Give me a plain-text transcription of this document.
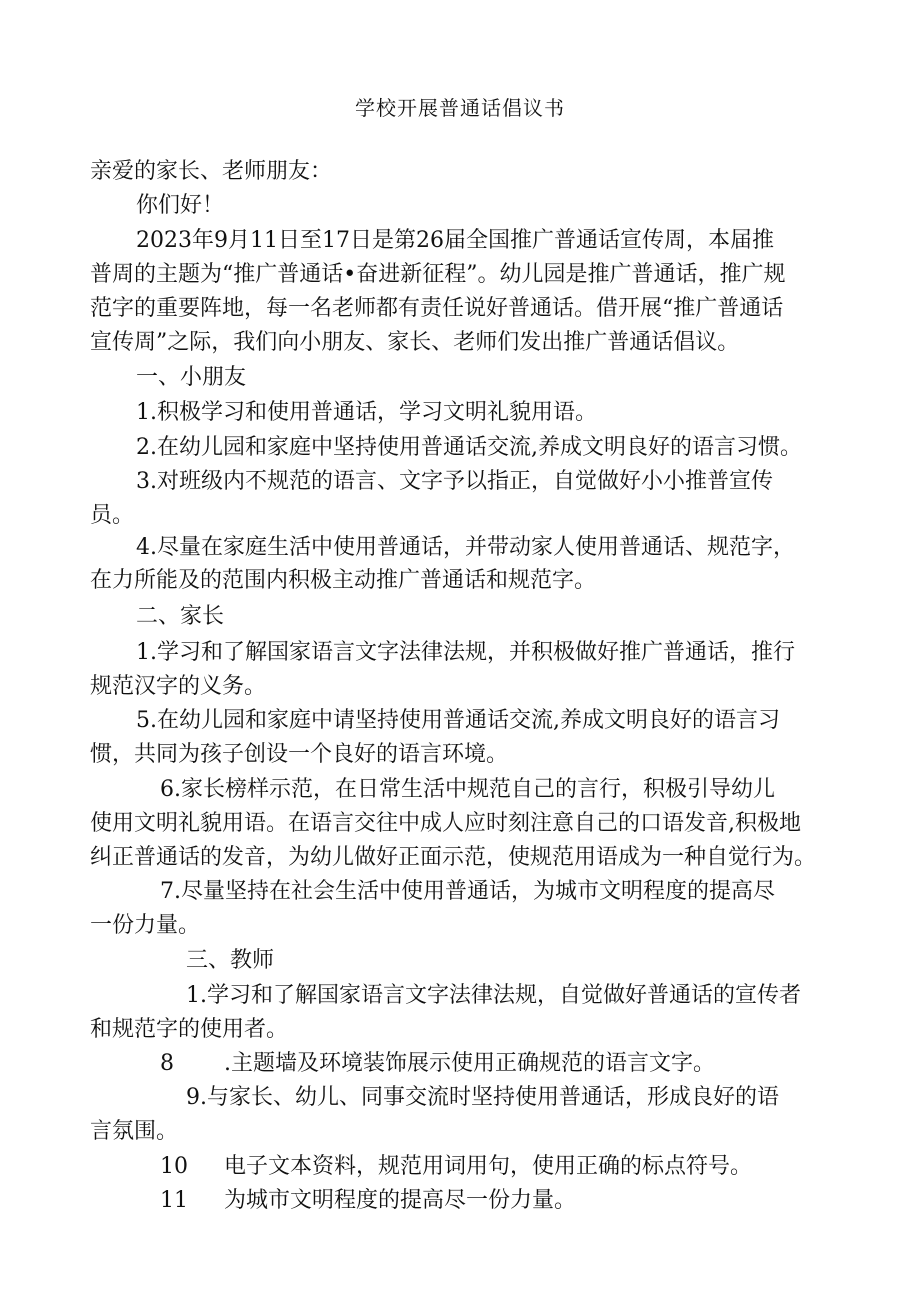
学校开展普通话倡议书
亲爱的家长、老师朋友：
你们好！
2023年9月11日至17日是第26届全国推广普通话宣传周，本届推
普周的主题为“推广普通话•奋进新征程”。幼儿园是推广普通话，推广规
范字的重要阵地，每一名老师都有责任说好普通话。借开展“推广普通话
宣传周”之际，我们向小朋友、家长、老师们发出推广普通话倡议。
一、小朋友
1.积极学习和使用普通话，学习文明礼貌用语。
2.在幼儿园和家庭中坚持使用普通话交流,养成文明良好的语言习惯。
3.对班级内不规范的语言、文字予以指正，自觉做好小小推普宣传
员。
4.尽量在家庭生活中使用普通话，并带动家人使用普通话、规范字，
在力所能及的范围内积极主动推广普通话和规范字。
二、家长
1.学习和了解国家语言文字法律法规，并积极做好推广普通话，推行
规范汉字的义务。
5.在幼儿园和家庭中请坚持使用普通话交流,养成文明良好的语言习
惯，共同为孩子创设一个良好的语言环境。
6.家长榜样示范，在日常生活中规范自己的言行，积极引导幼儿
使用文明礼貌用语。在语言交往中成人应时刻注意自己的口语发音,积极地
纠正普通话的发音，为幼儿做好正面示范，使规范用语成为一种自觉行为。
7.尽量坚持在社会生活中使用普通话，为城市文明程度的提高尽
一份力量。
三、教师
1.学习和了解国家语言文字法律法规，自觉做好普通话的宣传者
和规范字的使用者。
8 .主题墙及环境装饰展示使用正确规范的语言文字。
9.与家长、幼儿、同事交流时坚持使用普通话，形成良好的语
言氛围。
10 电子文本资料，规范用词用句，使用正确的标点符号。
11 为城市文明程度的提高尽一份力量。
